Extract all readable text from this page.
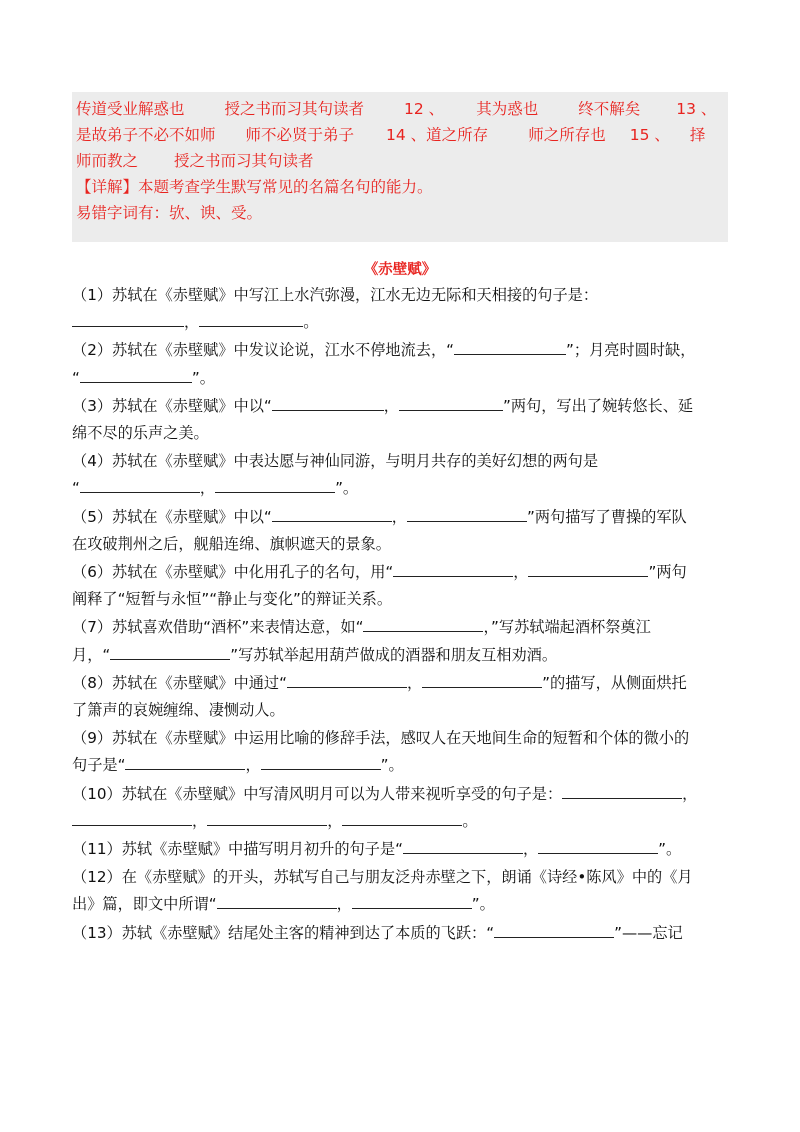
传道受业解惑也	授之书而习其句读者	12 、 其为惑也	终不解矣 13 、
是故弟子不必不如师 师不必贤于弟子 14 、道之所存	师之所存也 15 、 择
师而教之 授之书而习其句读者
【详解】本题考查学生默写常见的名篇名句的能力。
易错字词有：欤、谀、受。
《赤壁赋》
（1）苏轼在《赤壁赋》中写江上水汽弥漫，江水无边无际和天相接的句子是：
，	。
（2）苏轼在《赤壁赋》中发议论说，江水不停地流去，“	”；月亮时圆时缺，
“	”。
（3）苏轼在《赤壁赋》中以“	，	”两句，写出了婉转悠长、延
绵不尽的乐声之美。
（4）苏轼在《赤壁赋》中表达愿与神仙同游，与明月共存的美好幻想的两句是
“	，	”。
（5）苏轼在《赤壁赋》中以“	，	”两句描写了曹操的军队
在攻破荆州之后，舰船连绵、旗帜遮天的景象。
（6）苏轼在《赤壁赋》中化用孔子的名句，用“	，	”两句
阐释了“短暂与永恒”“静止与变化”的辩证关系。
（7）苏轼喜欢借助“酒杯”来表情达意，如“	，”写苏轼端起酒杯祭奠江
月，“	”写苏轼举起用葫芦做成的酒器和朋友互相劝酒。
（8）苏轼在《赤壁赋》中通过“	，	”的描写，从侧面烘托
了箫声的哀婉缠绵、凄恻动人。
（9）苏轼在《赤壁赋》中运用比喻的修辞手法，感叹人在天地间生命的短暂和个体的微小的
句子是“	，	”。
（10）苏轼在《赤壁赋》中写清风明月可以为人带来视听享受的句子是：	，
，	，	。
（11）苏轼《赤壁赋》中描写明月初升的句子是“	，	”。
（12）在《赤壁赋》的开头，苏轼写自己与朋友泛舟赤壁之下，朗诵《诗经•陈风》中的《月
出》篇，即文中所谓“	，	”。
（13）苏轼《赤壁赋》结尾处主客的精神到达了本质的飞跃：“	”——忘记
